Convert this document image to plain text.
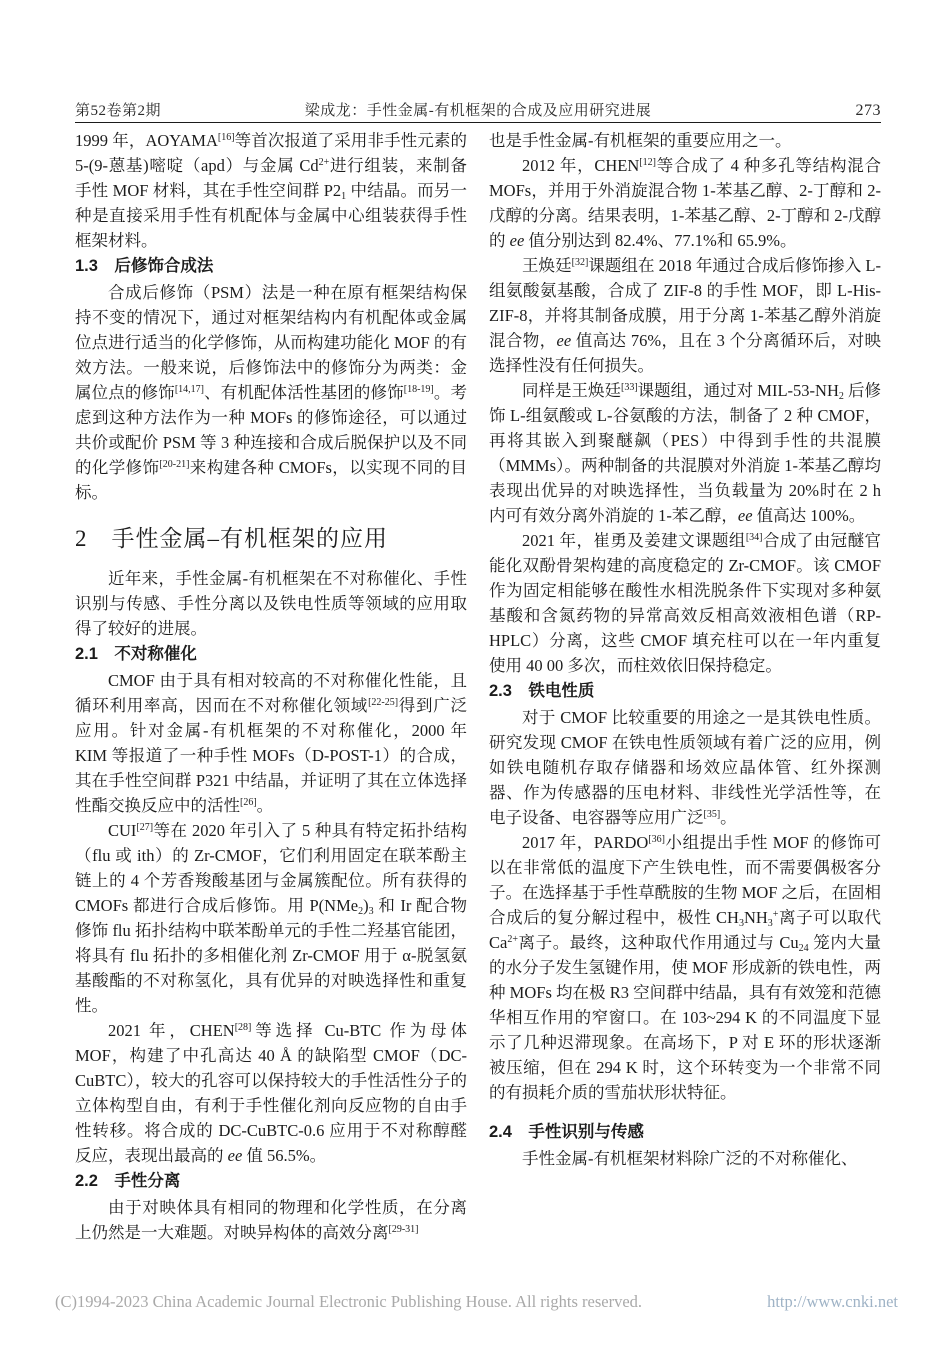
第52卷第2期	梁成龙：手性金属-有机框架的合成及应用研究进展	273

1999 年，AOYAMA[16]等首次报道了采用非手性元素的 5-(9-蒽基)嘧啶（apd）与金属 $Cd^{2+}$进行组装，来制备手性 MOF 材料，其在手性空间群 $P2_1$ 中结晶。而另一种是直接采用手性有机配体与金属中心组装获得手性框架材料。

1.3　后修饰合成法

合成后修饰（PSM）法是一种在原有框架结构保持不变的情况下，通过对框架结构内有机配体或金属位点进行适当的化学修饰，从而构建功能化 MOF 的有效方法。一般来说，后修饰法中的修饰分为两类：金属位点的修饰[14,17]、有机配体活性基团的修饰[18-19]。考虑到这种方法作为一种 MOFs 的修饰途径，可以通过共价或配价 PSM 等 3 种连接和合成后脱保护以及不同的化学修饰[20-21]来构建各种 CMOFs，以实现不同的目标。

2　手性金属–有机框架的应用

近年来，手性金属-有机框架在不对称催化、手性识别与传感、手性分离以及铁电性质等领域的应用取得了较好的进展。

2.1　不对称催化

CMOF 由于具有相对较高的不对称催化性能，且循环利用率高，因而在不对称催化领域[22-25]得到广泛应用。针对金属-有机框架的不对称催化，2000 年 KIM 等报道了一种手性 MOFs（D-POST-1）的合成，其在手性空间群 P321 中结晶，并证明了其在立体选择性酯交换反应中的活性[26]。

CUI[27]等在 2020 年引入了 5 种具有特定拓扑结构（flu 或 ith）的 Zr-CMOF，它们利用固定在联苯酚主链上的 4 个芳香羧酸基团与金属簇配位。所有获得的 CMOFs 都进行合成后修饰。用 $P(NMe_2)_3$ 和 Ir 配合物修饰 flu 拓扑结构中联苯酚单元的手性二羟基官能团，将具有 flu 拓扑的多相催化剂 Zr-CMOF 用于 α-脱氢氨基酸酯的不对称氢化，具有优异的对映选择性和重复性。

2021 年，CHEN[28]等选择 Cu-BTC 作为母体 MOF，构建了中孔高达 40 Å 的缺陷型 CMOF（DC-CuBTC），较大的孔容可以保持较大的手性活性分子的立体构型自由，有利于手性催化剂向反应物的自由手性转移。将合成的 DC-CuBTC-0.6 应用于不对称醇醛反应，表现出最高的 ee 值 56.5%。

2.2　手性分离

由于对映体具有相同的物理和化学性质，在分离上仍然是一大难题。对映异构体的高效分离[29-31]

也是手性金属-有机框架的重要应用之一。

2012 年，CHEN[12]等合成了 4 种多孔等结构混合 MOFs，并用于外消旋混合物 1-苯基乙醇、2-丁醇和 2-戊醇的分离。结果表明，1-苯基乙醇、2-丁醇和 2-戊醇的 ee 值分别达到 82.4%、77.1%和 65.9%。

王焕廷[32]课题组在 2018 年通过合成后修饰掺入 L-组氨酸氨基酸，合成了 ZIF-8 的手性 MOF，即 L-His-ZIF-8，并将其制备成膜，用于分离 1-苯基乙醇外消旋混合物，ee 值高达 76%，且在 3 个分离循环后，对映选择性没有任何损失。

同样是王焕廷[33]课题组，通过对 MIL-$53-NH_2$ 后修饰 L-组氨酸或 L-谷氨酸的方法，制备了 2 种 CMOF，再将其嵌入到聚醚飙（PES）中得到手性的共混膜（MMMs）。两种制备的共混膜对外消旋 1-苯基乙醇均表现出优异的对映选择性，当负载量为 20%时在 2 h 内可有效分离外消旋的 1-苯乙醇，ee 值高达 100%。

2021 年，崔勇及姜建文课题组[34]合成了由冠醚官能化双酚骨架构建的高度稳定的 Zr-CMOF。该 CMOF 作为固定相能够在酸性水相洗脱条件下实现对多种氨基酸和含氮药物的异常高效反相高效液相色谱（RP-HPLC）分离，这些 CMOF 填充柱可以在一年内重复使用 40 00 多次，而柱效依旧保持稳定。

2.3　铁电性质

对于 CMOF 比较重要的用途之一是其铁电性质。研究发现 CMOF 在铁电性质领域有着广泛的应用，例如铁电随机存取存储器和场效应晶体管、红外探测器、作为传感器的压电材料、非线性光学活性等，在电子设备、电容器等应用广泛[35]。

2017 年，PARDO[36]小组提出手性 MOF 的修饰可以在非常低的温度下产生铁电性，而不需要偶极客分子。在选择基于手性草酰胺的生物 MOF 之后，在固相合成后的复分解过程中，极性 $CH_3NH_3^+$离子可以取代 $Ca^{2+}$离子。最终，这种取代作用通过与 $Cu_{24}$ 笼内大量的水分子发生氢键作用，使 MOF 形成新的铁电性，两种 MOFs 均在极 R3 空间群中结晶，具有有效笼和范德华相互作用的窄窗口。在 103~294 K 的不同温度下显示了几种迟滞现象。在高场下，P 对 E 环的形状逐渐被压缩，但在 294 K 时，这个环转变为一个非常不同的有损耗介质的雪茄状形状特征。

2.4　手性识别与传感

手性金属-有机框架材料除广泛的不对称催化、

(C)1994-2023 China Academic Journal Electronic Publishing House. All rights reserved.	http://www.cnki.net
